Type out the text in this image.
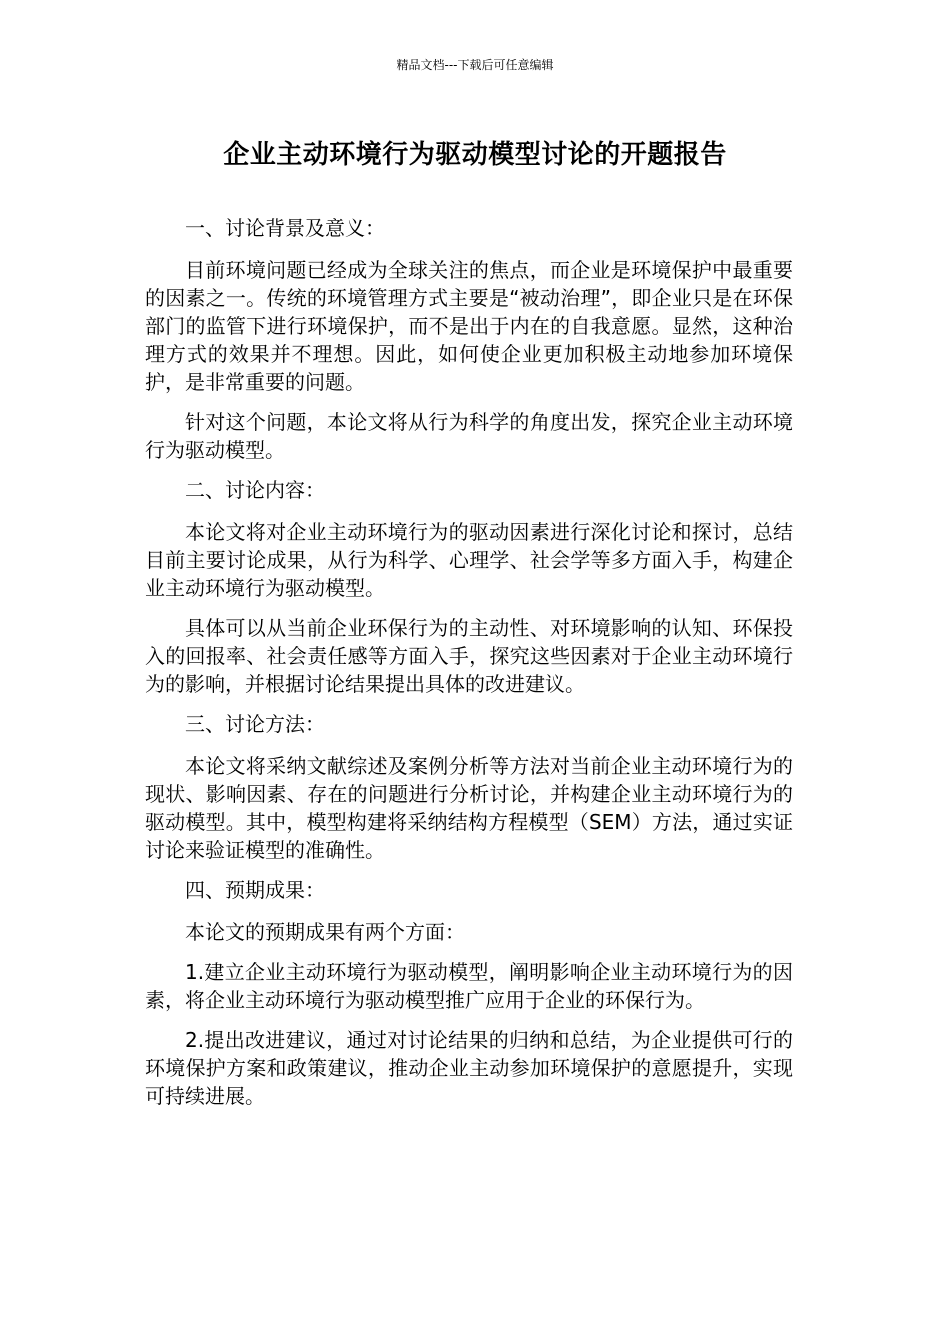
精品文档---下载后可任意编辑
企业主动环境行为驱动模型讨论的开题报告

一、讨论背景及意义：

目前环境问题已经成为全球关注的焦点，而企业是环境保护中最重要的因素之一。传统的环境管理方式主要是“被动治理”，即企业只是在环保部门的监管下进行环境保护，而不是出于内在的自我意愿。显然，这种治理方式的效果并不理想。因此，如何使企业更加积极主动地参加环境保护，是非常重要的问题。

针对这个问题，本论文将从行为科学的角度出发，探究企业主动环境行为驱动模型。

二、讨论内容：

本论文将对企业主动环境行为的驱动因素进行深化讨论和探讨，总结目前主要讨论成果，从行为科学、心理学、社会学等多方面入手，构建企业主动环境行为驱动模型。

具体可以从当前企业环保行为的主动性、对环境影响的认知、环保投入的回报率、社会责任感等方面入手，探究这些因素对于企业主动环境行为的影响，并根据讨论结果提出具体的改进建议。

三、讨论方法：

本论文将采纳文献综述及案例分析等方法对当前企业主动环境行为的现状、影响因素、存在的问题进行分析讨论，并构建企业主动环境行为的驱动模型。其中，模型构建将采纳结构方程模型（SEM）方法，通过实证讨论来验证模型的准确性。

四、预期成果：

本论文的预期成果有两个方面：

1.建立企业主动环境行为驱动模型，阐明影响企业主动环境行为的因素，将企业主动环境行为驱动模型推广应用于企业的环保行为。

2.提出改进建议，通过对讨论结果的归纳和总结，为企业提供可行的环境保护方案和政策建议，推动企业主动参加环境保护的意愿提升，实现可持续进展。
